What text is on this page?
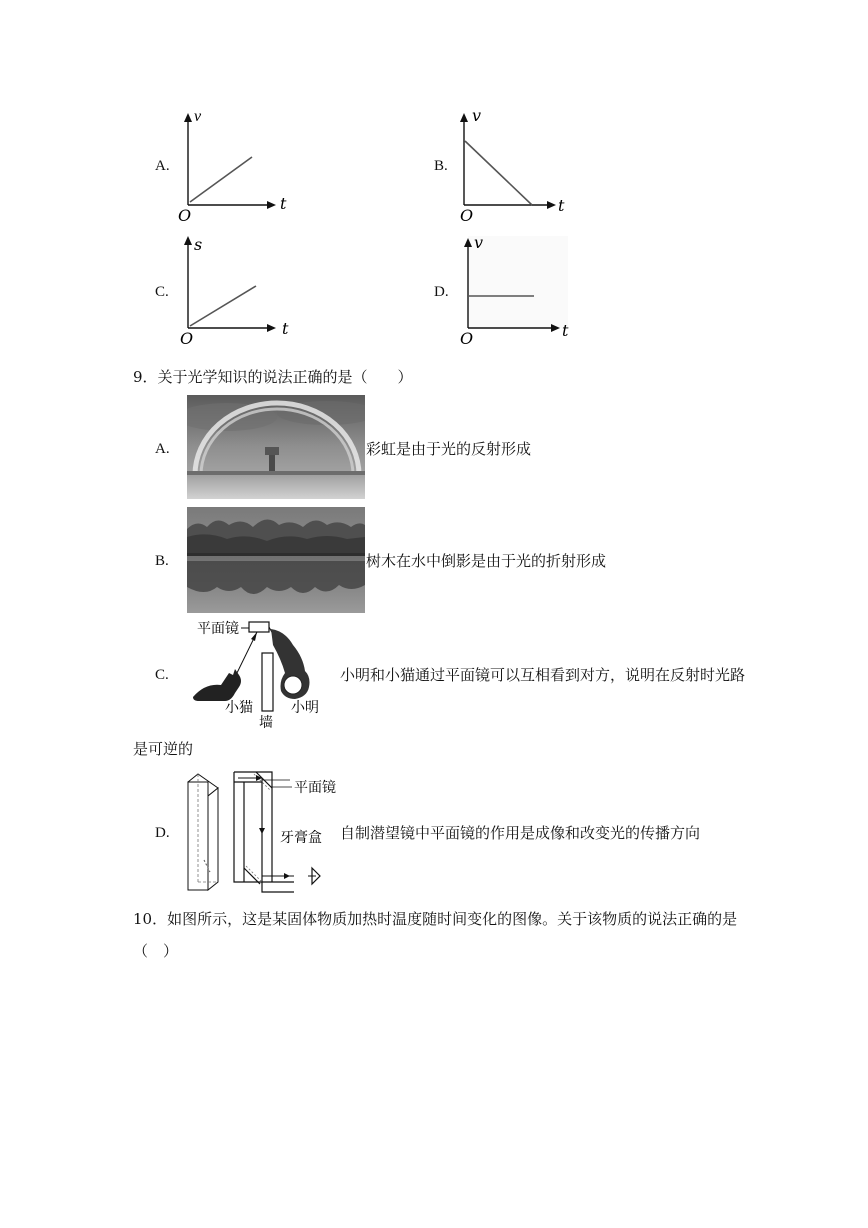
A.
v
t
O
B.
v
t
O
C.
s
t
O
D.
v
t
O
9．关于光学知识的说法正确的是（　　）
A.	彩虹是由于光的反射形成
B.	树木在水中倒影是由于光的折射形成
C.
平面镜
小猫	小明
墙
小明和小猫通过平面镜可以互相看到对方，说明在反射时光路
是可逆的
D.
平面镜
牙膏盒 自制潜望镜中平面镜的作用是成像和改变光的传播方向
10．如图所示，这是某固体物质加热时温度随时间变化的图像。关于该物质的说法正确的是
（　）
